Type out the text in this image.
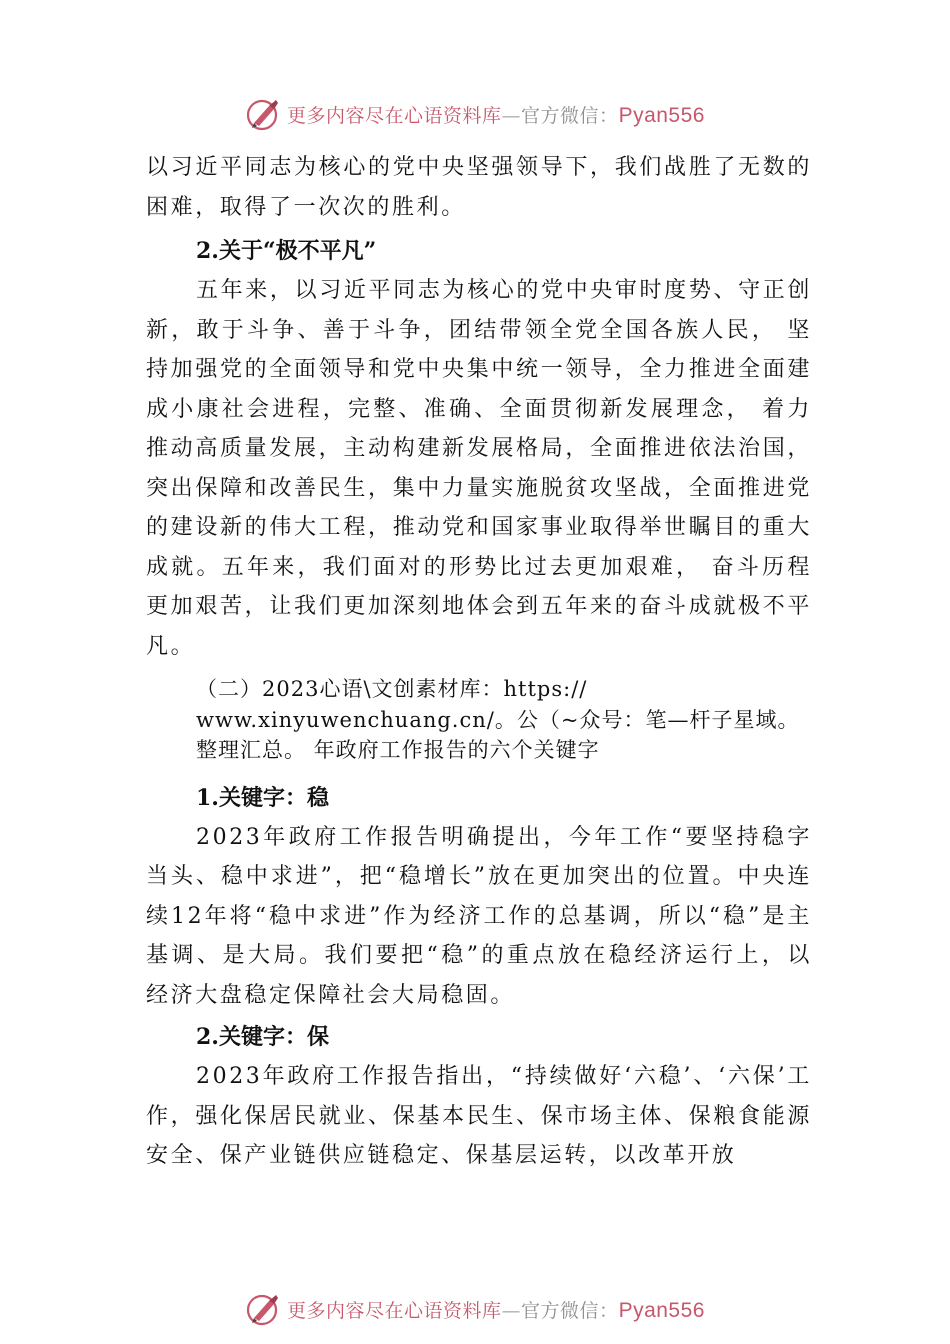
更多内容尽在心语资料库—官方微信：Pyan556

以习近平同志为核心的党中央坚强领导下，我们战胜了无数的困难，取得了一次次的胜利。

2.关于“极不平凡”

五年来，以习近平同志为核心的党中央审时度势、守正创新，敢于斗争、善于斗争，团结带领全党全国各族人民， 坚持加强党的全面领导和党中央集中统一领导，全力推进全面建成小康社会进程，完整、准确、全面贯彻新发展理念， 着力推动高质量发展，主动构建新发展格局，全面推进依法治国，突出保障和改善民生，集中力量实施脱贫攻坚战，全面推进党的建设新的伟大工程，推动党和国家事业取得举世瞩目的重大成就。五年来，我们面对的形势比过去更加艰难， 奋斗历程更加艰苦，让我们更加深刻地体会到五年来的奋斗成就极不平凡。

（二）2023心语\文创素材库：https://
www.xinyuwenchuang.cn/。公（~众号：笔—杆子星域。
整理汇总。 年政府工作报告的六个关键字

1.关键字：稳

2023年政府工作报告明确提出，今年工作“要坚持稳字当头、稳中求进”，把“稳增长”放在更加突出的位置。中央连续12年将“稳中求进”作为经济工作的总基调，所以“稳”是主基调、是大局。我们要把“稳”的重点放在稳经济运行上，以经济大盘稳定保障社会大局稳固。

2.关键字：保

2023年政府工作报告指出，“持续做好‘六稳’、‘六保’工作，强化保居民就业、保基本民生、保市场主体、保粮食能源安全、保产业链供应链稳定、保基层运转，以改革开放

更多内容尽在心语资料库—官方微信：Pyan556
